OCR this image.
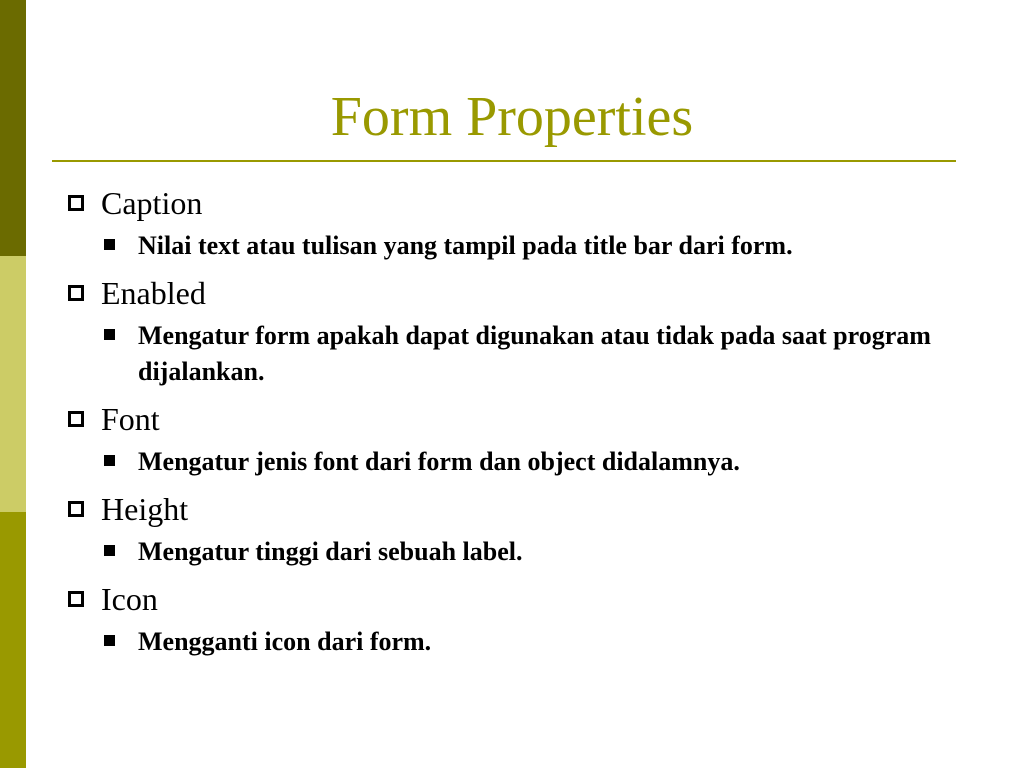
Form Properties
Caption
Nilai text atau tulisan yang tampil pada title bar dari form.
Enabled
Mengatur form apakah dapat digunakan atau tidak pada saat program dijalankan.
Font
Mengatur jenis font dari form dan object didalamnya.
Height
Mengatur tinggi dari sebuah label.
Icon
Mengganti icon dari form.
